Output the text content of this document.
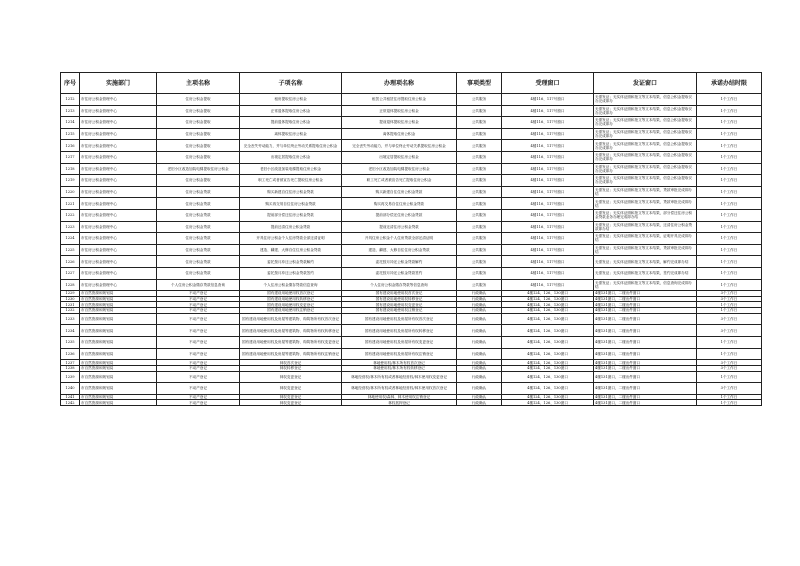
序号	实施部门	主项名称	子项名称	办理项名称	事项类型	受理窗口	发证窗口	承诺办结时限
1212	市住房公积金管理中心	住房公积金提取	租房提取住房公积金	租赁公共租赁住房提取住房公积金	公共服务	4楼116、117号窗口	无需发证；无实体证照和批文等文本结果，信息公积金提取仅办完成即办	1个工作日
1213	市住房公积金管理中心	住房公积金提取	正常退休提取住房公积金	正常退休提取住房公积金	公共服务	4楼116、117号窗口	无需发证；无实体证照和批文等文本结果，信息公积金提取仅办完成即办	1个工作日
1214	市住房公积金管理中心	住房公积金提取	提前退休提取住房公积金	提前退休提取住房公积金	公共服务	4楼116、117号窗口	无需发证；无实体证照和批文等文本结果，信息公积金提取仅办完成即办	1个工作日
1215	市住房公积金管理中心	住房公积金提取	离休提取住房公积金	离休提取住房公积金	公共服务	4楼116、117号窗口	无需发证；无实体证照和批文等文本结果，信息公积金提取仅办完成即办	1个工作日
1216	市住房公积金管理中心	住房公积金提取	完全丧失劳动能力，并与单位终止劳动关系提取住房公积金	完全丧失劳动能力，并与单位终止劳动关系提取住房公积金	公共服务	4楼116、117号窗口	无需发证；无实体证照和批文等文本结果，信息公积金提取仅办完成即办	1个工作日
1217	市住房公积金管理中心	住房公积金提取	出境定居提取住房公积金	出境定居提取住房公积金	公共服务	4楼116、117号窗口	无需发证；无实体证照和批文等文本结果，信息公积金提取仅办完成即办	1个工作日
1218	市住房公积金管理中心	老旧小区改造加装电梯提取住房公积金	老旧小区改造加装电梯提取住房公积金	老旧小区改造加装电梯提取住房公积金	公共服务	4楼116、117号窗口	无需发证；无实体证照和批文等文本结果，信息公积金提取仅办完成即办	1个工作日
1219	市住房公积金管理中心	住房公积金提取	职工死亡或者被宣告死亡提取住房公积金	职工死亡或者被宣告死亡提取住房公积金	公共服务	4楼116、117号窗口	无需发证；无实体证照和批文等文本结果，信息公积金提取仅办完成即办	1个工作日
1220	市住房公积金管理中心	住房公积金贷款	购买新建自住住房公积金贷款	购买新建自住住房公积金贷款	公共服务	4楼116、117号窗口	无需发证；无实体证照和批文等文本结果，贷款审批完成即办结	1个工作日
1221	市住房公积金管理中心	住房公积金贷款	购买再交易自住住房公积金贷款	购买再交易自住住房公积金贷款	公共服务	4楼116、117号窗口	无需发证；无实体证照和批文等文本结果，贷款审批完成即办结	1个工作日
1222	市住房公积金管理中心	住房公积金贷款	提前部分偿还住房公积金贷款	提前部分偿还住房公积金贷款	公共服务	4楼116、117号窗口	无需发证；无实体证照和批文等文本结果，部分偿还住房公积金贷款业务办理完成即办结	1个工作日
1223	市住房公积金管理中心	住房公积金贷款	提前还清住房公积金贷款	提前还清住房公积金贷款	公共服务	4楼116、117号窗口	无需发证；无实体证照和批文等文本结果，还清住房公积金贷款即办结	1个工作日
1224	市住房公积金管理中心	住房公积金贷款	开具住房公积金个人住房贷款全部还清证明	开具住房公积金个人住房贷款全部还清证明	公共服务	4楼116、117号窗口	无需发证；无实体证照和批文等文本结果，证明开具完成即办结	1个工作日
1225	市住房公积金管理中心	住房公积金贷款	建造、翻建、大修自住住房公积金贷款	建造、翻建、大修自住住房公积金贷款	公共服务	4楼116、117号窗口	无需发证；无实体证照和批文等文本结果，贷款审批完成即办结	1个工作日
1226	市住房公积金管理中心	住房公积金贷款	委托按月冲还公积金贷款解约	委托按月冲还公积金贷款解约	公共服务	4楼116、117号窗口	无需发证；无实体证照和批文等文本结果，解约完成即办结	1个工作日
1227	市住房公积金管理中心	住房公积金贷款	委托按月冲还公积金贷款签约	委托按月冲还公积金贷款签约	公共服务	4楼116、117号窗口	无需发证；无实体证照和批文等文本结果，签约完成即办结	1个工作日
1228	市住房公积金管理中心	个人住房公积金缴存贷款信息查询	个人住房公积金缴存贷款信息查询	个人住房公积金缴存贷款等信息查询	公共服务	4楼116、117号窗口	无需发证；无实体证照和批文等文本结果，信息查询完成即办结	1个工作日
1229	市自然资源和规划局	不动产登记	国有建设用地使用权首次登记	国有建设用地使用权首次登记	行政确认	4楼124、126、130窗口	4楼131窗口，二楼出件窗口	3个工作日
1230	市自然资源和规划局	不动产登记	国有建设用地使用权转移登记	国有建设用地使用权转移登记	行政确认	4楼124、126、130窗口	4楼131窗口，二楼出件窗口	3个工作日
1231	市自然资源和规划局	不动产登记	国有建设用地使用权变更登记	国有建设用地使用权变更登记	行政确认	4楼124、126、130窗口	4楼131窗口，二楼出件窗口	1个工作日
1232	市自然资源和规划局	不动产登记	国有建设用地使用权注销登记	国有建设用地使用权注销登记	行政确认	4楼124、126、130窗口	4楼131窗口，二楼出件窗口	1个工作日
1233	市自然资源和规划局	不动产登记	国有建设用地使用权及房屋等建筑物、构筑物所有权首次登记	国有建设用地使用权及房屋所有权首次登记	行政确认	4楼124、126、130窗口	4楼131窗口，二楼出件窗口	3个工作日
1234	市自然资源和规划局	不动产登记	国有建设用地使用权及房屋等建筑物、构筑物所有权转移登记	国有建设用地使用权及房屋所有权转移登记	行政确认	4楼124、126、130窗口	4楼131窗口，二楼出件窗口	3个工作日
1235	市自然资源和规划局	不动产登记	国有建设用地使用权及房屋等建筑物、构筑物所有权变更登记	国有建设用地使用权及房屋所有权变更登记	行政确认	4楼124、126、130窗口	4楼131窗口，二楼出件窗口	1个工作日
1236	市自然资源和规划局	不动产登记	国有建设用地使用权及房屋等建筑物、构筑物所有权注销登记	国有建设用地使用权及房屋所有权注销登记	行政确认	4楼124、126、130窗口	4楼131窗口，二楼出件窗口	1个工作日
1237	市自然资源和规划局	不动产登记	林权首次登记	林地使用权/林木所有权首次登记	行政确认	4楼124、126、130窗口	4楼131窗口，二楼出件窗口	3个工作日
1238	市自然资源和规划局	不动产登记	林权转移登记	林地使用权/林木所有权转移登记	行政确认	4楼124、126、130窗口	4楼131窗口，二楼出件窗口	3个工作日
1239	市自然资源和规划局	不动产登记	林权变更登记	林地经营权/林木所有权或者林地经营权/林木使用权变更登记	行政确认	4楼124、126、130窗口	4楼131窗口，二楼出件窗口	1个工作日
1240	市自然资源和规划局	不动产登记	林权变更登记	林地经营权/林木所有权或者林地经营权/林木使用权首次登记	行政确认	4楼124、126、130窗口	4楼131窗口，二楼出件窗口	3个工作日
1241	市自然资源和规划局	不动产登记	林权变更登记	林地使用权/森林、林木使用权注销登记	行政确认	4楼124、126、130窗口	4楼131窗口，二楼出件窗口	1个工作日
1242	市自然资源和规划局	不动产登记	林权变更登记	林权抵押登记	行政确认	4楼124、126、130窗口	4楼131窗口，二楼出件窗口	1个工作日
